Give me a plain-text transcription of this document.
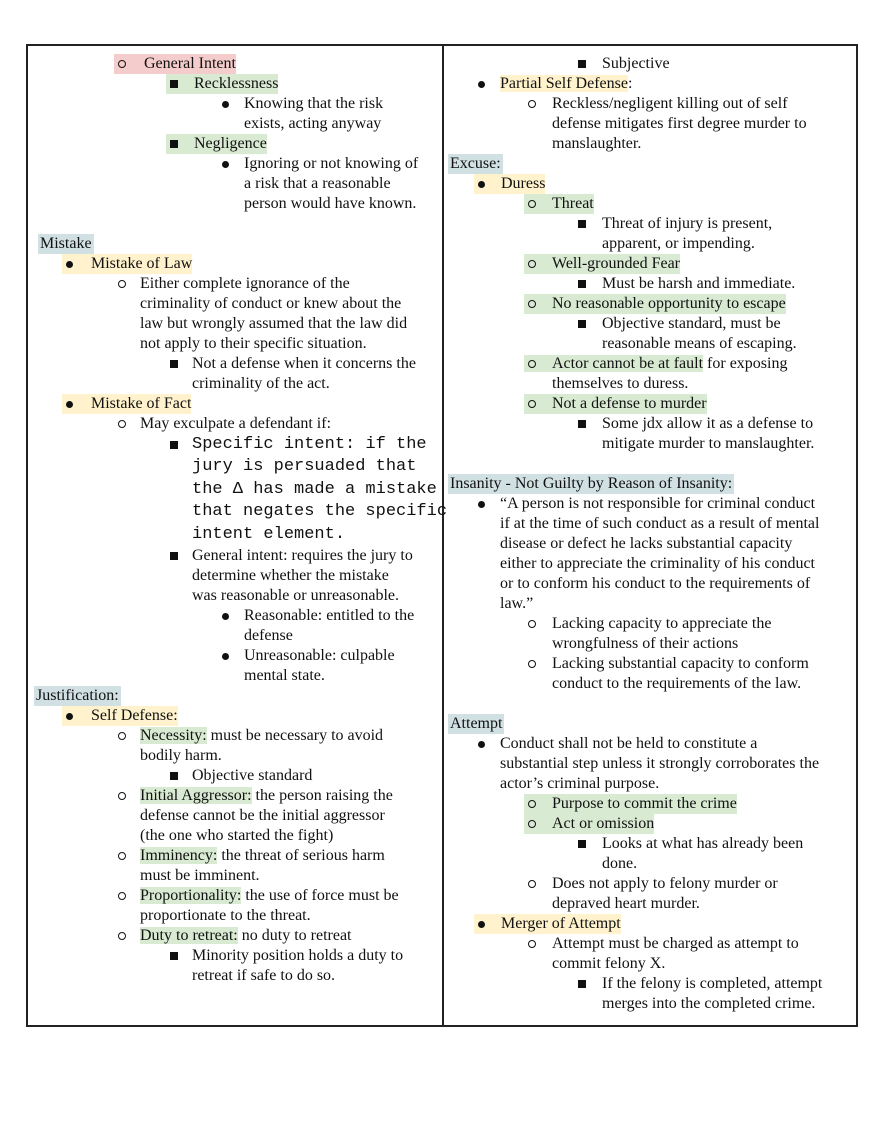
General Intent
Recklessness
Knowing that the risk
exists, acting anyway
Negligence
Ignoring or not knowing of
a risk that a reasonable
person would have known.
Mistake
Mistake of Law
Either complete ignorance of the
criminality of conduct or knew about the
law but wrongly assumed that the law did
not apply to their specific situation.
Not a defense when it concerns the
criminality of the act.
Mistake of Fact
May exculpate a defendant if:
Specific intent: if the
jury is persuaded that
the Δ has made a mistake
that negates the specific
intent element.
General intent: requires the jury to
determine whether the mistake
was reasonable or unreasonable.
Reasonable: entitled to the
defense
Unreasonable: culpable
mental state.
Justification:
Self Defense:
Necessity: must be necessary to avoid
bodily harm.
Objective standard
Initial Aggressor: the person raising the
defense cannot be the initial aggressor
(the one who started the fight)
Imminency: the threat of serious harm
must be imminent.
Proportionality: the use of force must be
proportionate to the threat.
Duty to retreat: no duty to retreat
Minority position holds a duty to
retreat if safe to do so.
Subjective
Partial Self Defense:
Reckless/negligent killing out of self
defense mitigates first degree murder to
manslaughter.
Excuse:
Duress
Threat
Threat of injury is present,
apparent, or impending.
Well-grounded Fear
Must be harsh and immediate.
No reasonable opportunity to escape
Objective standard, must be
reasonable means of escaping.
Actor cannot be at fault for exposing
themselves to duress.
Not a defense to murder
Some jdx allow it as a defense to
mitigate murder to manslaughter.
Insanity - Not Guilty by Reason of Insanity:
“A person is not responsible for criminal conduct
if at the time of such conduct as a result of mental
disease or defect he lacks substantial capacity
either to appreciate the criminality of his conduct
or to conform his conduct to the requirements of
law.”
Lacking capacity to appreciate the
wrongfulness of their actions
Lacking substantial capacity to conform
conduct to the requirements of the law.
Attempt
Conduct shall not be held to constitute a
substantial step unless it strongly corroborates the
actor’s criminal purpose.
Purpose to commit the crime
Act or omission
Looks at what has already been
done.
Does not apply to felony murder or
depraved heart murder.
Merger of Attempt
Attempt must be charged as attempt to
commit felony X.
If the felony is completed, attempt
merges into the completed crime.
